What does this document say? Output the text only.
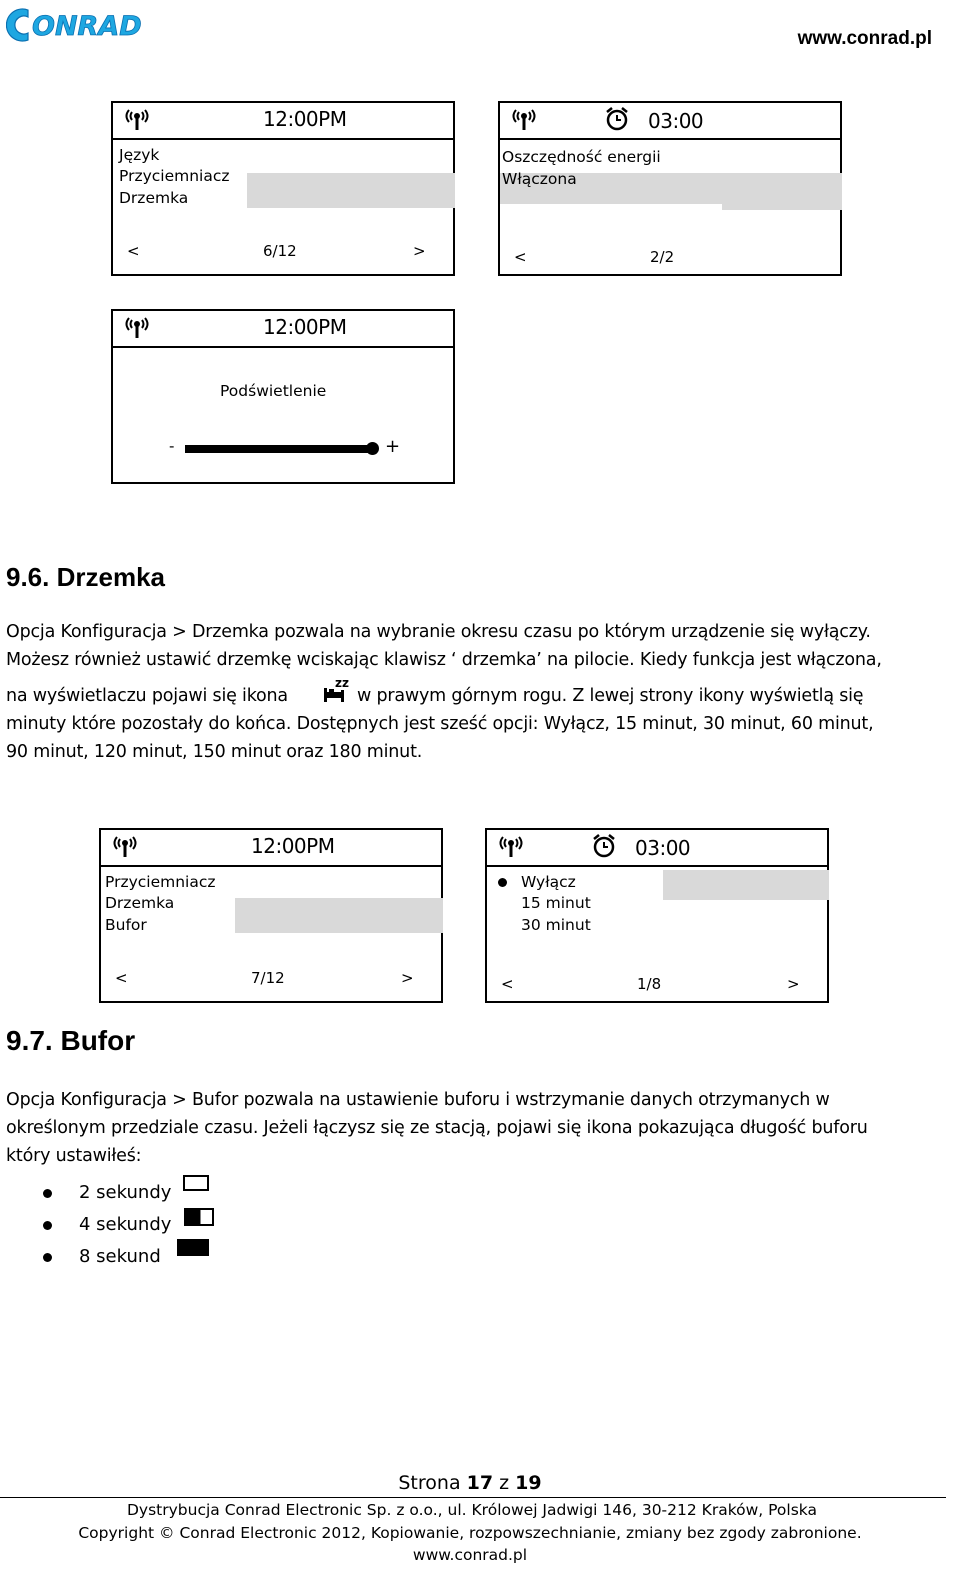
ONRAD	www.conrad.pl
12:00PM
Język
Przyciemniacz
Drzemka
<	6/12	>
03:00
Oszczędność energii
Włączona
<	2/2
12:00PM
Podświetlenie
-	+
9.6. Drzemka
Opcja Konfiguracja > Drzemka pozwala na wybranie okresu czasu po którym urządzenie się wyłączy.
Możesz również ustawić drzemkę wciskając klawisz ‘ drzemka’ na pilocie. Kiedy funkcja jest włączona,
na wyświetlaczu pojawi się ikona
zz
w prawym górnym rogu. Z lewej strony ikony wyświetlą się
minuty które pozostały do końca. Dostępnych jest sześć opcji: Wyłącz, 15 minut, 30 minut, 60 minut,
90 minut, 120 minut, 150 minut oraz 180 minut.
12:00PM
Przyciemniacz
Drzemka
Bufor
<	7/12	>
03:00
Wyłącz
15 minut
30 minut
<	1/8	>
9.7. Bufor
Opcja Konfiguracja > Bufor pozwala na ustawienie buforu i wstrzymanie danych otrzymanych w
określonym przedziale czasu. Jeżeli łączysz się ze stacją, pojawi się ikona pokazująca długość buforu
który ustawiłeś:
2 sekundy
4 sekundy
8 sekund
Strona 17 z 19
Dystrybucja Conrad Electronic Sp. z o.o., ul. Królowej Jadwigi 146, 30-212 Kraków, Polska
Copyright © Conrad Electronic 2012, Kopiowanie, rozpowszechnianie, zmiany bez zgody zabronione.
www.conrad.pl
